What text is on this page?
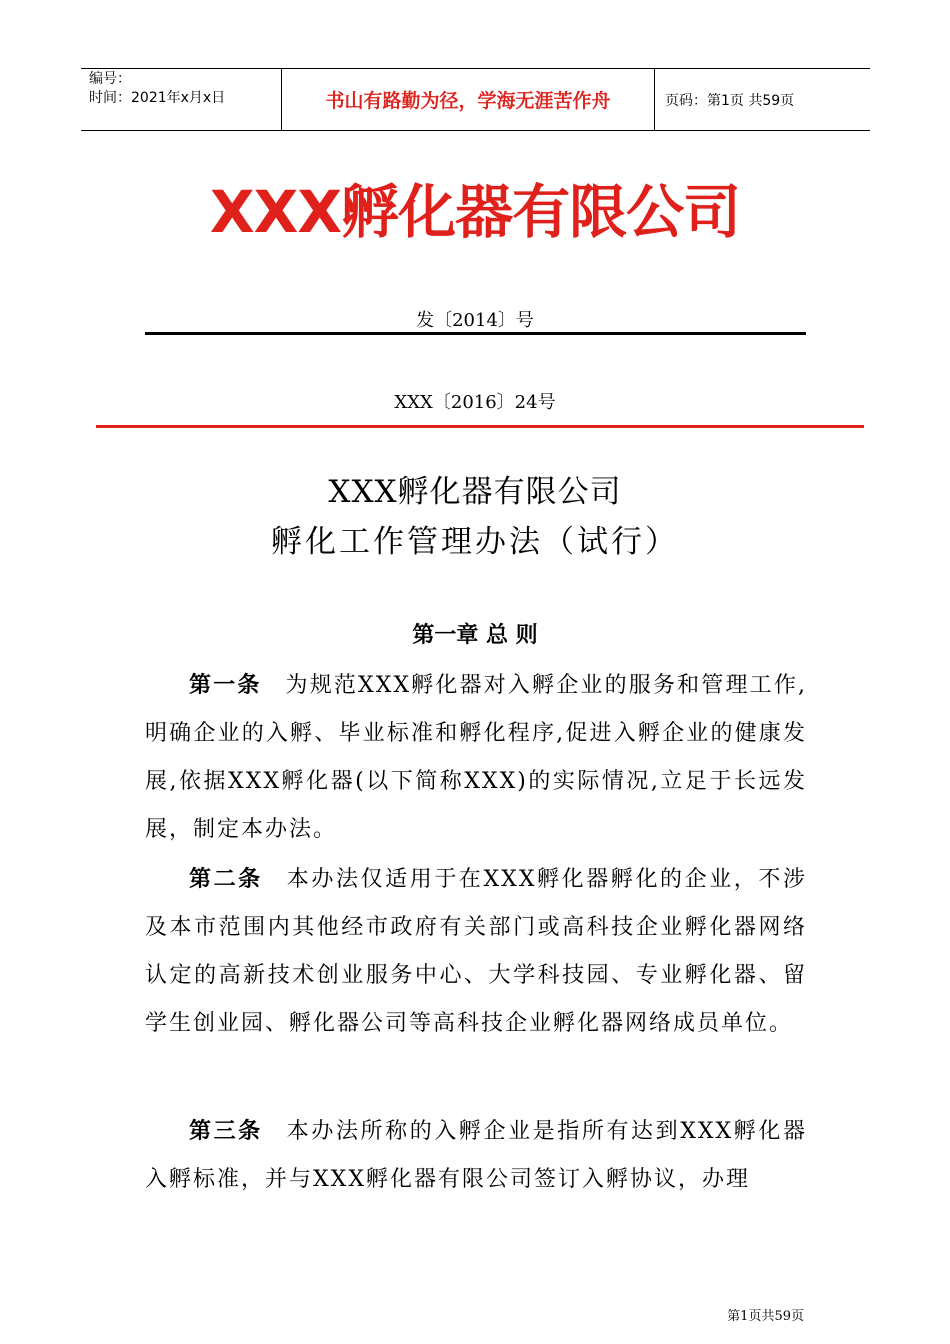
编号：
时间：2021年x月x日	书山有路勤为径，学海无涯苦作舟	页码：第1页 共59页
XXX孵化器有限公司
发〔2014〕号
XXX〔2016〕24号
XXX孵化器有限公司
孵化工作管理办法（试行）
第一章 总 则

第一条 为规范XXX孵化器对入孵企业的服务和管理工作,明确企业的入孵、毕业标准和孵化程序,促进入孵企业的健康发展,依据XXX孵化器(以下简称XXX)的实际情况,立足于长远发展，制定本办法。

第二条 本办法仅适用于在XXX孵化器孵化的企业，不涉及本市范围内其他经市政府有关部门或高科技企业孵化器网络认定的高新技术创业服务中心、大学科技园、专业孵化器、留学生创业园、孵化器公司等高科技企业孵化器网络成员单位。

第三条 本办法所称的入孵企业是指所有达到XXX孵化器入孵标准，并与XXX孵化器有限公司签订入孵协议，办理

第1页共59页
